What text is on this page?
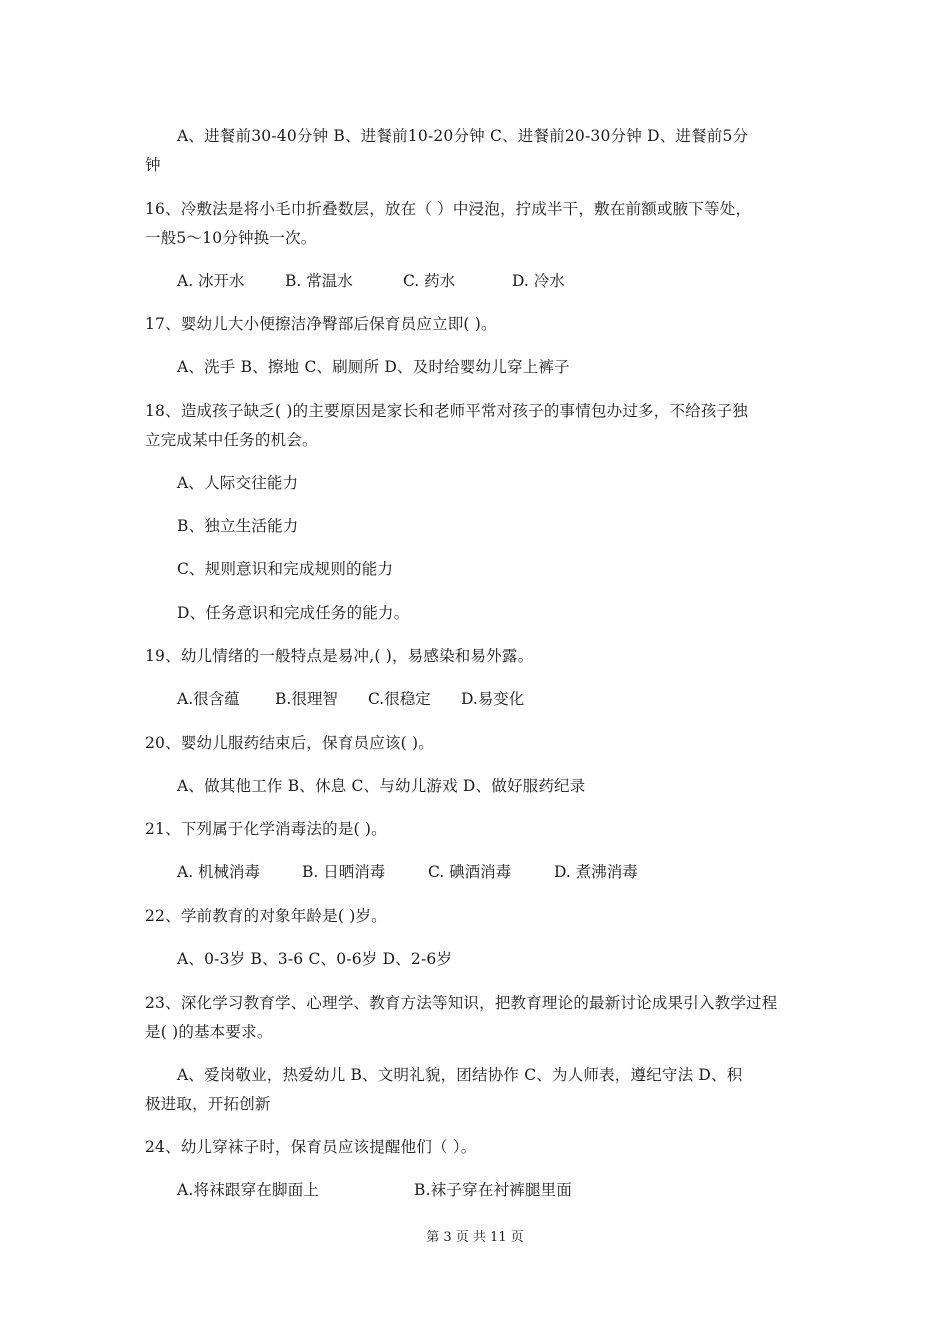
A、进餐前30-40分钟 B、进餐前10-20分钟 C、进餐前20-30分钟 D、进餐前5分
钟
16、冷敷法是将小毛巾折叠数层，放在（ ）中浸泡，拧成半干，敷在前额或腋下等处，
一般5～10分钟换一次。
A. 冰开水	B. 常温水	C. 药水	D. 冷水
17、婴幼儿大小便擦洁净臀部后保育员应立即( )。
A、洗手 B、擦地 C、刷厕所 D、及时给婴幼儿穿上裤子
18、造成孩子缺乏( )的主要原因是家长和老师平常对孩子的事情包办过多，不给孩子独
立完成某中任务的机会。
A、人际交往能力
B、独立生活能力
C、规则意识和完成规则的能力
D、任务意识和完成任务的能力。
19、幼儿情绪的一般特点是易冲,( )，易感染和易外露。
A.很含蕴 B.很理智 C.很稳定 D.易变化
20、婴幼儿服药结束后，保育员应该( )。
A、做其他工作 B、休息 C、与幼儿游戏 D、做好服药纪录
21、下列属于化学消毒法的是( )。
A. 机械消毒	B. 日晒消毒	C. 碘酒消毒	D. 煮沸消毒
22、学前教育的对象年龄是( )岁。
A、0-3岁 B、3-6 C、0-6岁 D、2-6岁
23、深化学习教育学、心理学、教育方法等知识，把教育理论的最新讨论成果引入教学过程
是( )的基本要求。
A、爱岗敬业，热爱幼儿 B、文明礼貌，团结协作 C、为人师表，遵纪守法 D、积
极进取，开拓创新
24、幼儿穿袜子时，保育员应该提醒他们（ ）。
A.将袜跟穿在脚面上	B.袜子穿在衬裤腿里面
第 3 页 共 11 页
